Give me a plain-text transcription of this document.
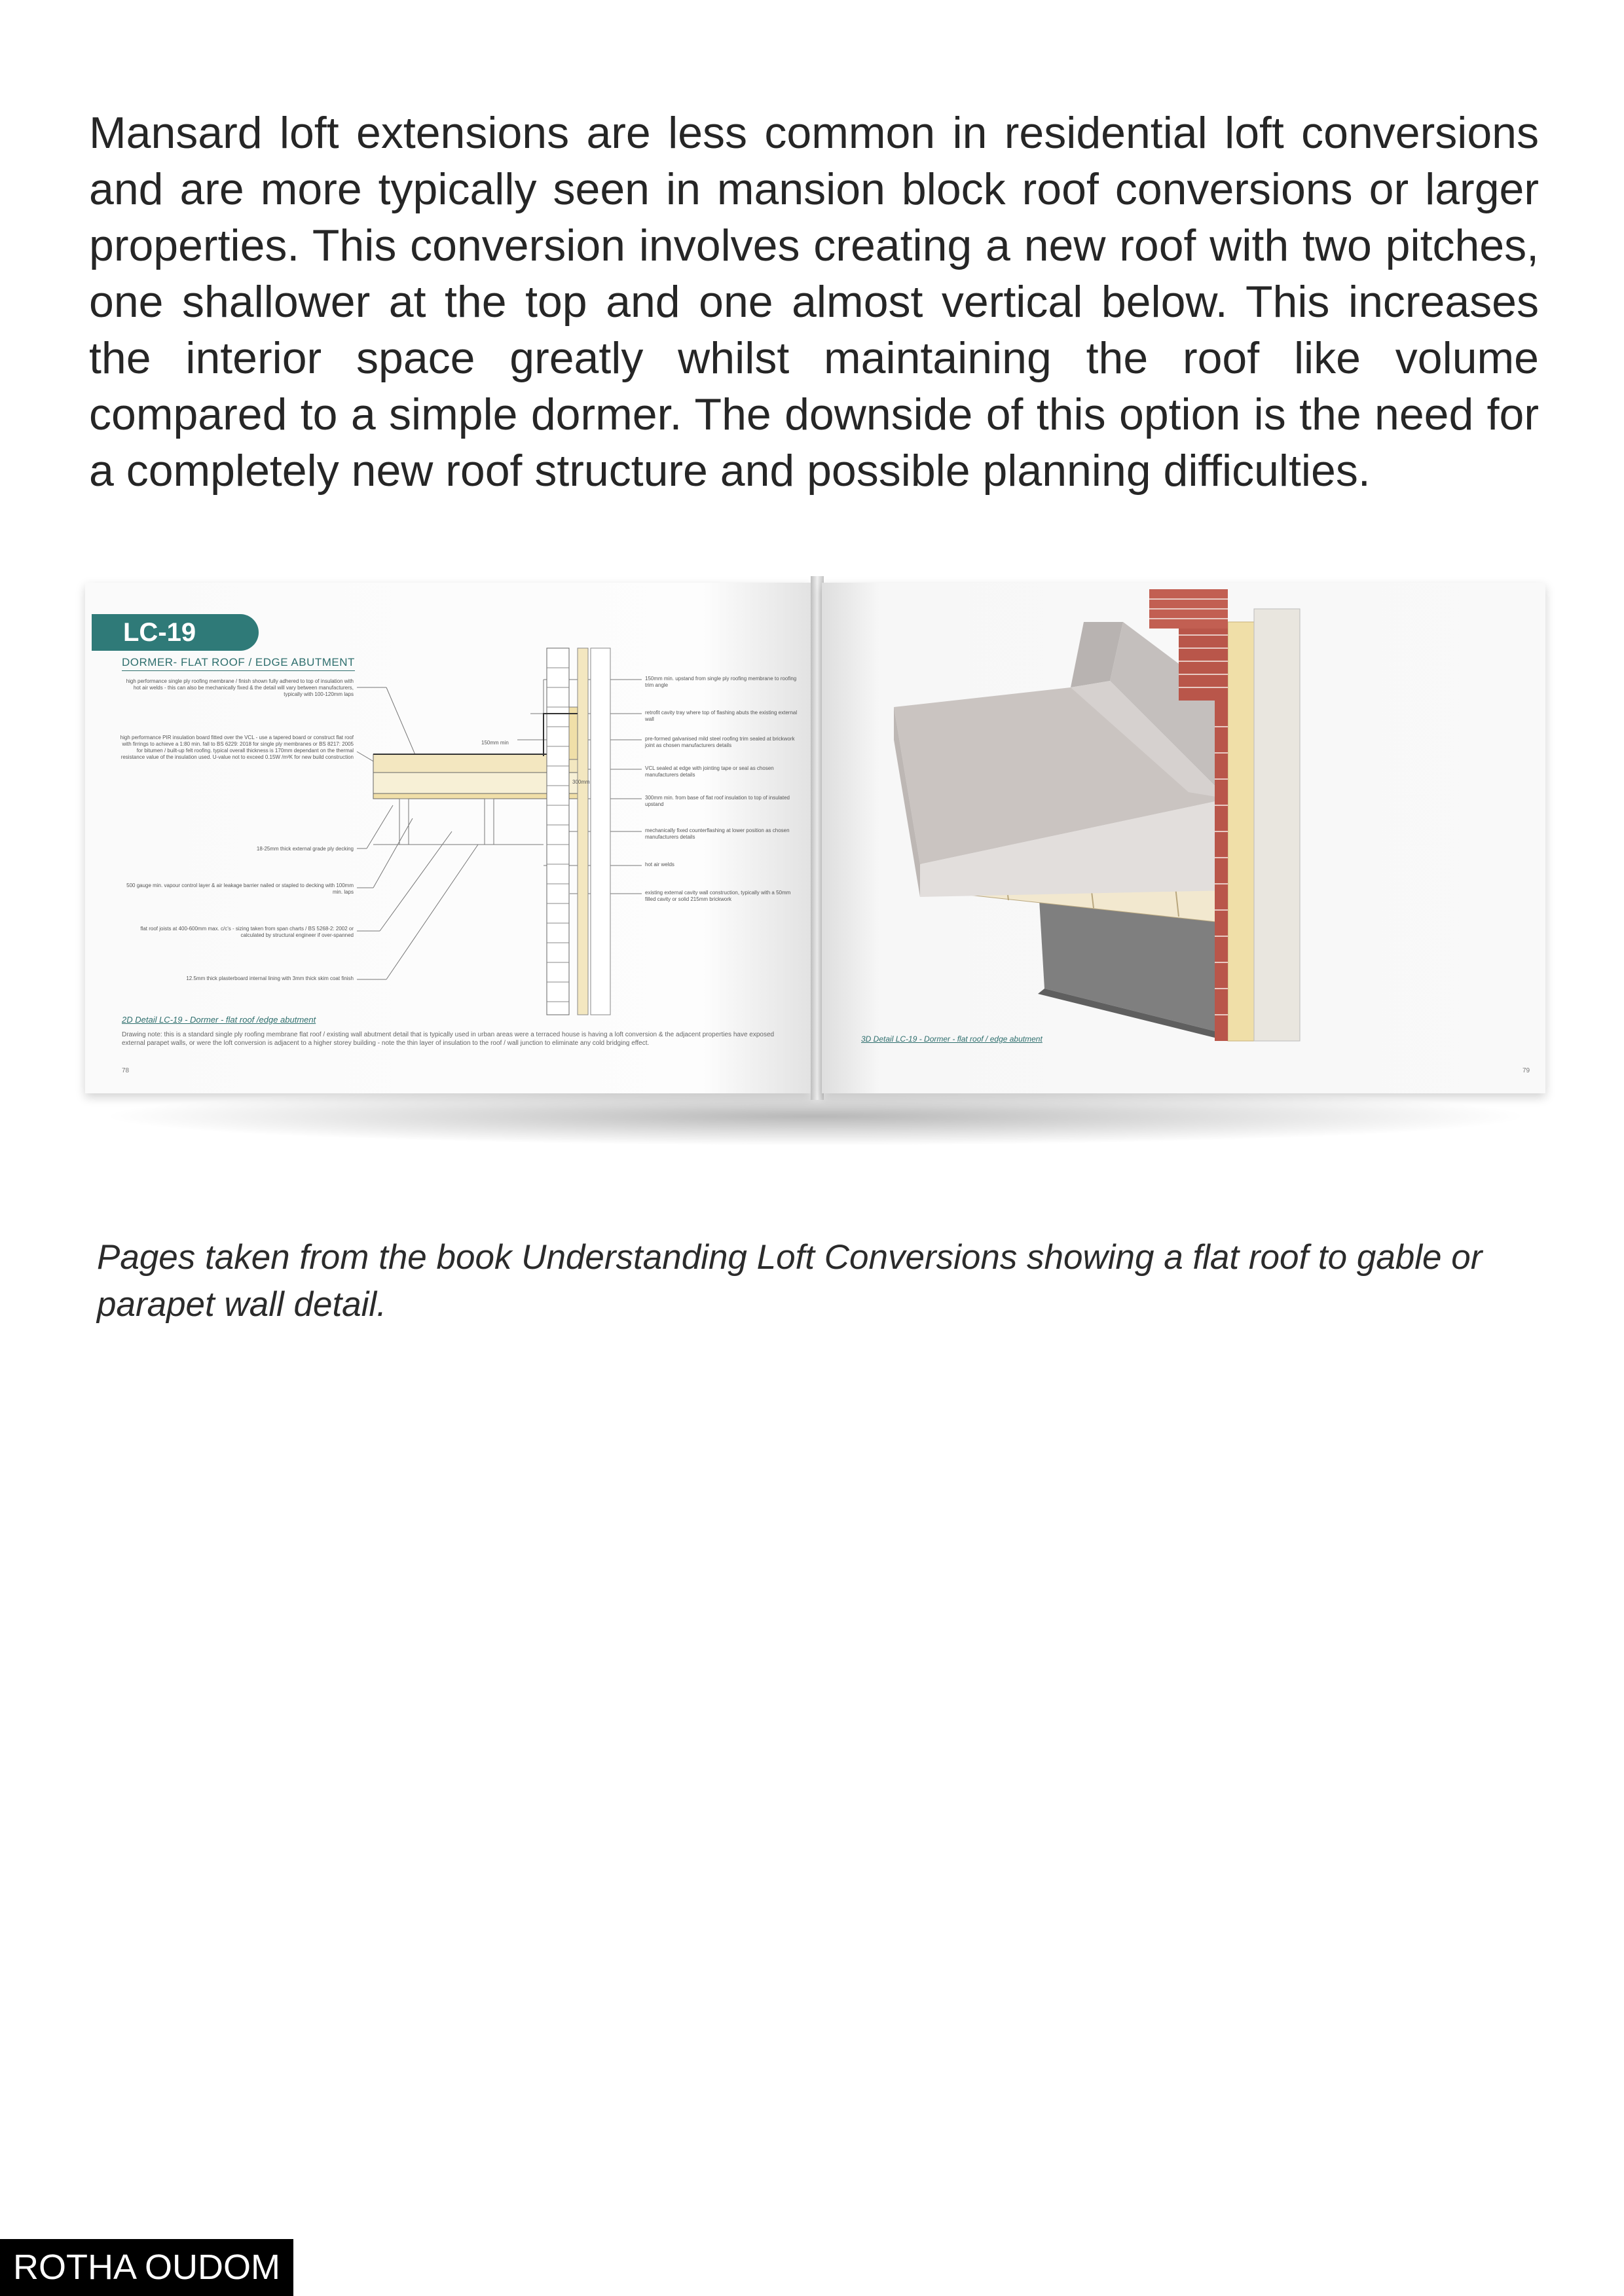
Mansard loft extensions are less common in residential loft conversions and are more typically seen in mansion block roof conversions or larger properties. This conversion involves creating a new roof with two pitches, one shallower at the top and one almost vertical below. This increases the interior space greatly whilst maintaining the roof like volume compared to a simple dormer. The downside of this option is the need for a completely new roof structure and possible planning difficulties.

LC-19
DORMER- FLAT ROOF / EDGE ABUTMENT
high performance single ply roofing membrane / finish shown fully adhered to top of insulation with hot air welds - this can also be mechanically fixed & the detail will vary between manufacturers, typically with 100-120mm laps
high performance PIR insulation board fitted over the VCL - use a tapered board or construct flat roof with firrings to achieve a 1:80 min. fall to BS 6229: 2018 for single ply membranes or BS 8217: 2005 for bitumen / built-up felt roofing. typical overall thickness is 170mm dependant on the thermal resistance value of the insulation used. U-value not to exceed 0.15W /m²K for new build construction
18-25mm thick external grade ply decking
500 gauge min. vapour control layer & air leakage barrier nailed or stapled to decking with 100mm min. laps
flat roof joists at 400-600mm max. c/c's - sizing taken from span charts / BS 5268-2: 2002 or calculated by structural engineer if over-spanned
12.5mm thick plasterboard internal lining with 3mm thick skim coat finish
150mm min. upstand from single ply roofing membrane to roofing trim angle
retrofit cavity tray where top of flashing abuts the existing external wall
pre-formed galvanised mild steel roofing trim sealed at brickwork joint as chosen manufacturers details
VCL sealed at edge with jointing tape or seal as chosen manufacturers details
300mm min. from base of flat roof insulation to top of insulated upstand
mechanically fixed counterflashing at lower position as chosen manufacturers details
hot air welds
existing external cavity wall construction, typically with a 50mm filled cavity or solid 215mm brickwork
150mm min
300mm
2D Detail LC-19 - Dormer - flat roof /edge abutment
Drawing note: this is a standard single ply roofing membrane flat roof / existing wall abutment detail that is typically used in urban areas were a terraced house is having a loft conversion & the adjacent properties have exposed external parapet walls, or were the loft conversion is adjacent to a higher storey building - note the thin layer of insulation to the roof / wall junction to eliminate any cold bridging effect.
78
3D Detail LC-19 - Dormer - flat roof / edge abutment
79

Pages taken from the book Understanding Loft Conversions showing a flat roof to gable or parapet wall detail.

ROTHA OUDOM
